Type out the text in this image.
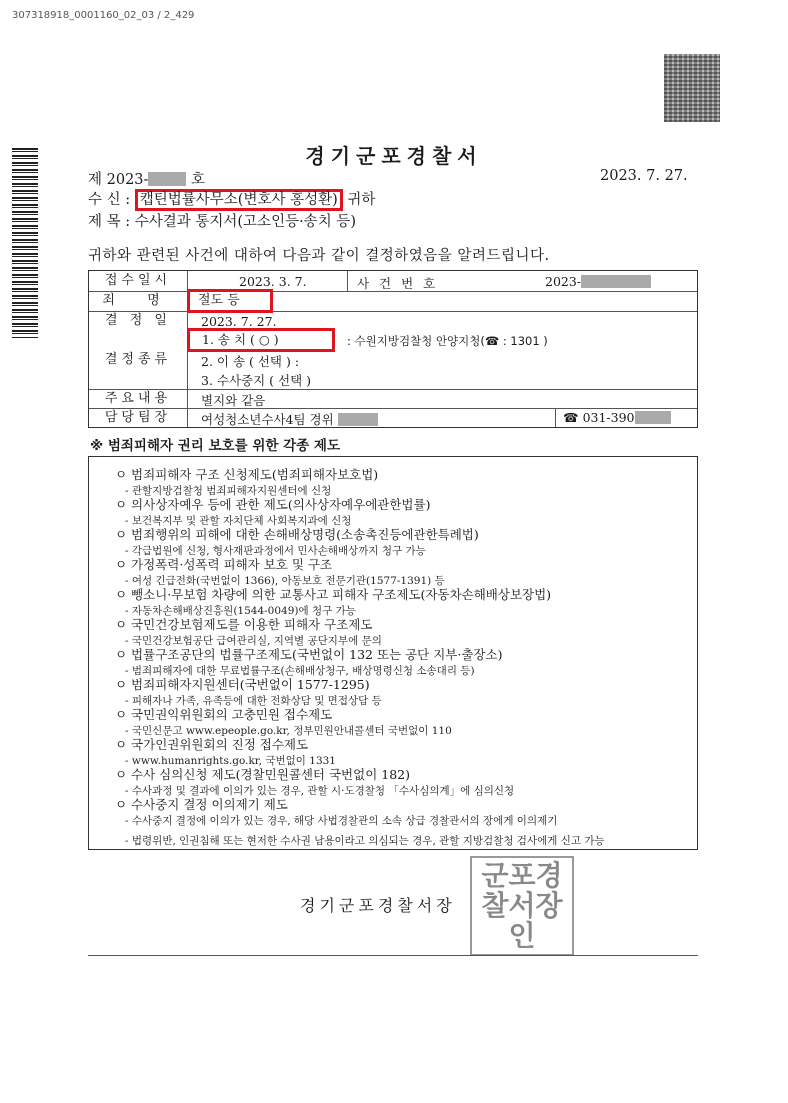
307318918_0001160_02_03 / 2_429
경기군포경찰서
제 2023-	호	2023. 7. 27.
수 신 : 캡틴법률사무소(변호사 홍성환) 귀하
제 목 : 수사결과 통지서(고소인등·송치 등)
귀하와 관련된 사건에 대하여 다음과 같이 결정하였음을 알려드립니다.
접수일시	2023. 3. 7.	사 건 번 호	2023-
죄 명	절도 등
결 정 일	2023. 7. 27.
결정종류
1. 송 치 ( ○ )	: 수원지방검찰청 안양지청(☎ : 1301 )
2. 이 송 ( 선택 ) :
3. 수사중지 ( 선택 )
주요내용	별지와 같음
담당팀장	여성청소년수사4팀 경위	☎ 031-390
※ 범죄피해자 권리 보호를 위한 각종 제도
ㅇ 범죄피해자 구조 신청제도(범죄피해자보호법)
- 관할지방검찰청 범죄피해자지원센터에 신청
ㅇ 의사상자예우 등에 관한 제도(의사상자예우에관한법률)
- 보건복지부 및 관할 자치단체 사회복지과에 신청
ㅇ 범죄행위의 피해에 대한 손해배상명령(소송촉진등에관한특례법)
- 각급법원에 신청, 형사재판과정에서 민사손해배상까지 청구 가능
ㅇ 가정폭력·성폭력 피해자 보호 및 구조
- 여성 긴급전화(국번없이 1366), 아동보호 전문기관(1577-1391) 등
ㅇ 뺑소니·무보험 차량에 의한 교통사고 피해자 구조제도(자동차손해배상보장법)
- 자동차손해배상진흥원(1544-0049)에 청구 가능
ㅇ 국민건강보험제도를 이용한 피해자 구조제도
- 국민건강보험공단 급여관리실, 지역별 공단지부에 문의
ㅇ 법률구조공단의 법률구조제도(국번없이 132 또는 공단 지부·출장소)
- 범죄피해자에 대한 무료법률구조(손해배상청구, 배상명령신청 소송대리 등)
ㅇ 범죄피해자지원센터(국번없이 1577-1295)
- 피해자나 가족, 유족등에 대한 전화상담 및 면접상담 등
ㅇ 국민권익위원회의 고충민원 접수제도
- 국민신문고 www.epeople.go.kr, 정부민원안내콜센터 국번없이 110
ㅇ 국가인권위원회의 진정 접수제도
- www.humanrights.go.kr, 국번없이 1331
ㅇ 수사 심의신청 제도(경찰민원콜센터 국번없이 182)
- 수사과정 및 결과에 이의가 있는 경우, 관할 시·도경찰청 「수사심의계」에 심의신청
ㅇ 수사중지 결정 이의제기 제도
- 수사중지 결정에 이의가 있는 경우, 해당 사법경찰관의 소속 상급 경찰관서의 장에게 이의제기
- 법령위반, 인권침해 또는 현저한 수사권 남용이라고 의심되는 경우, 관할 지방검찰청 검사에게 신고 가능
경기군포경찰서장
군포경찰서장인
